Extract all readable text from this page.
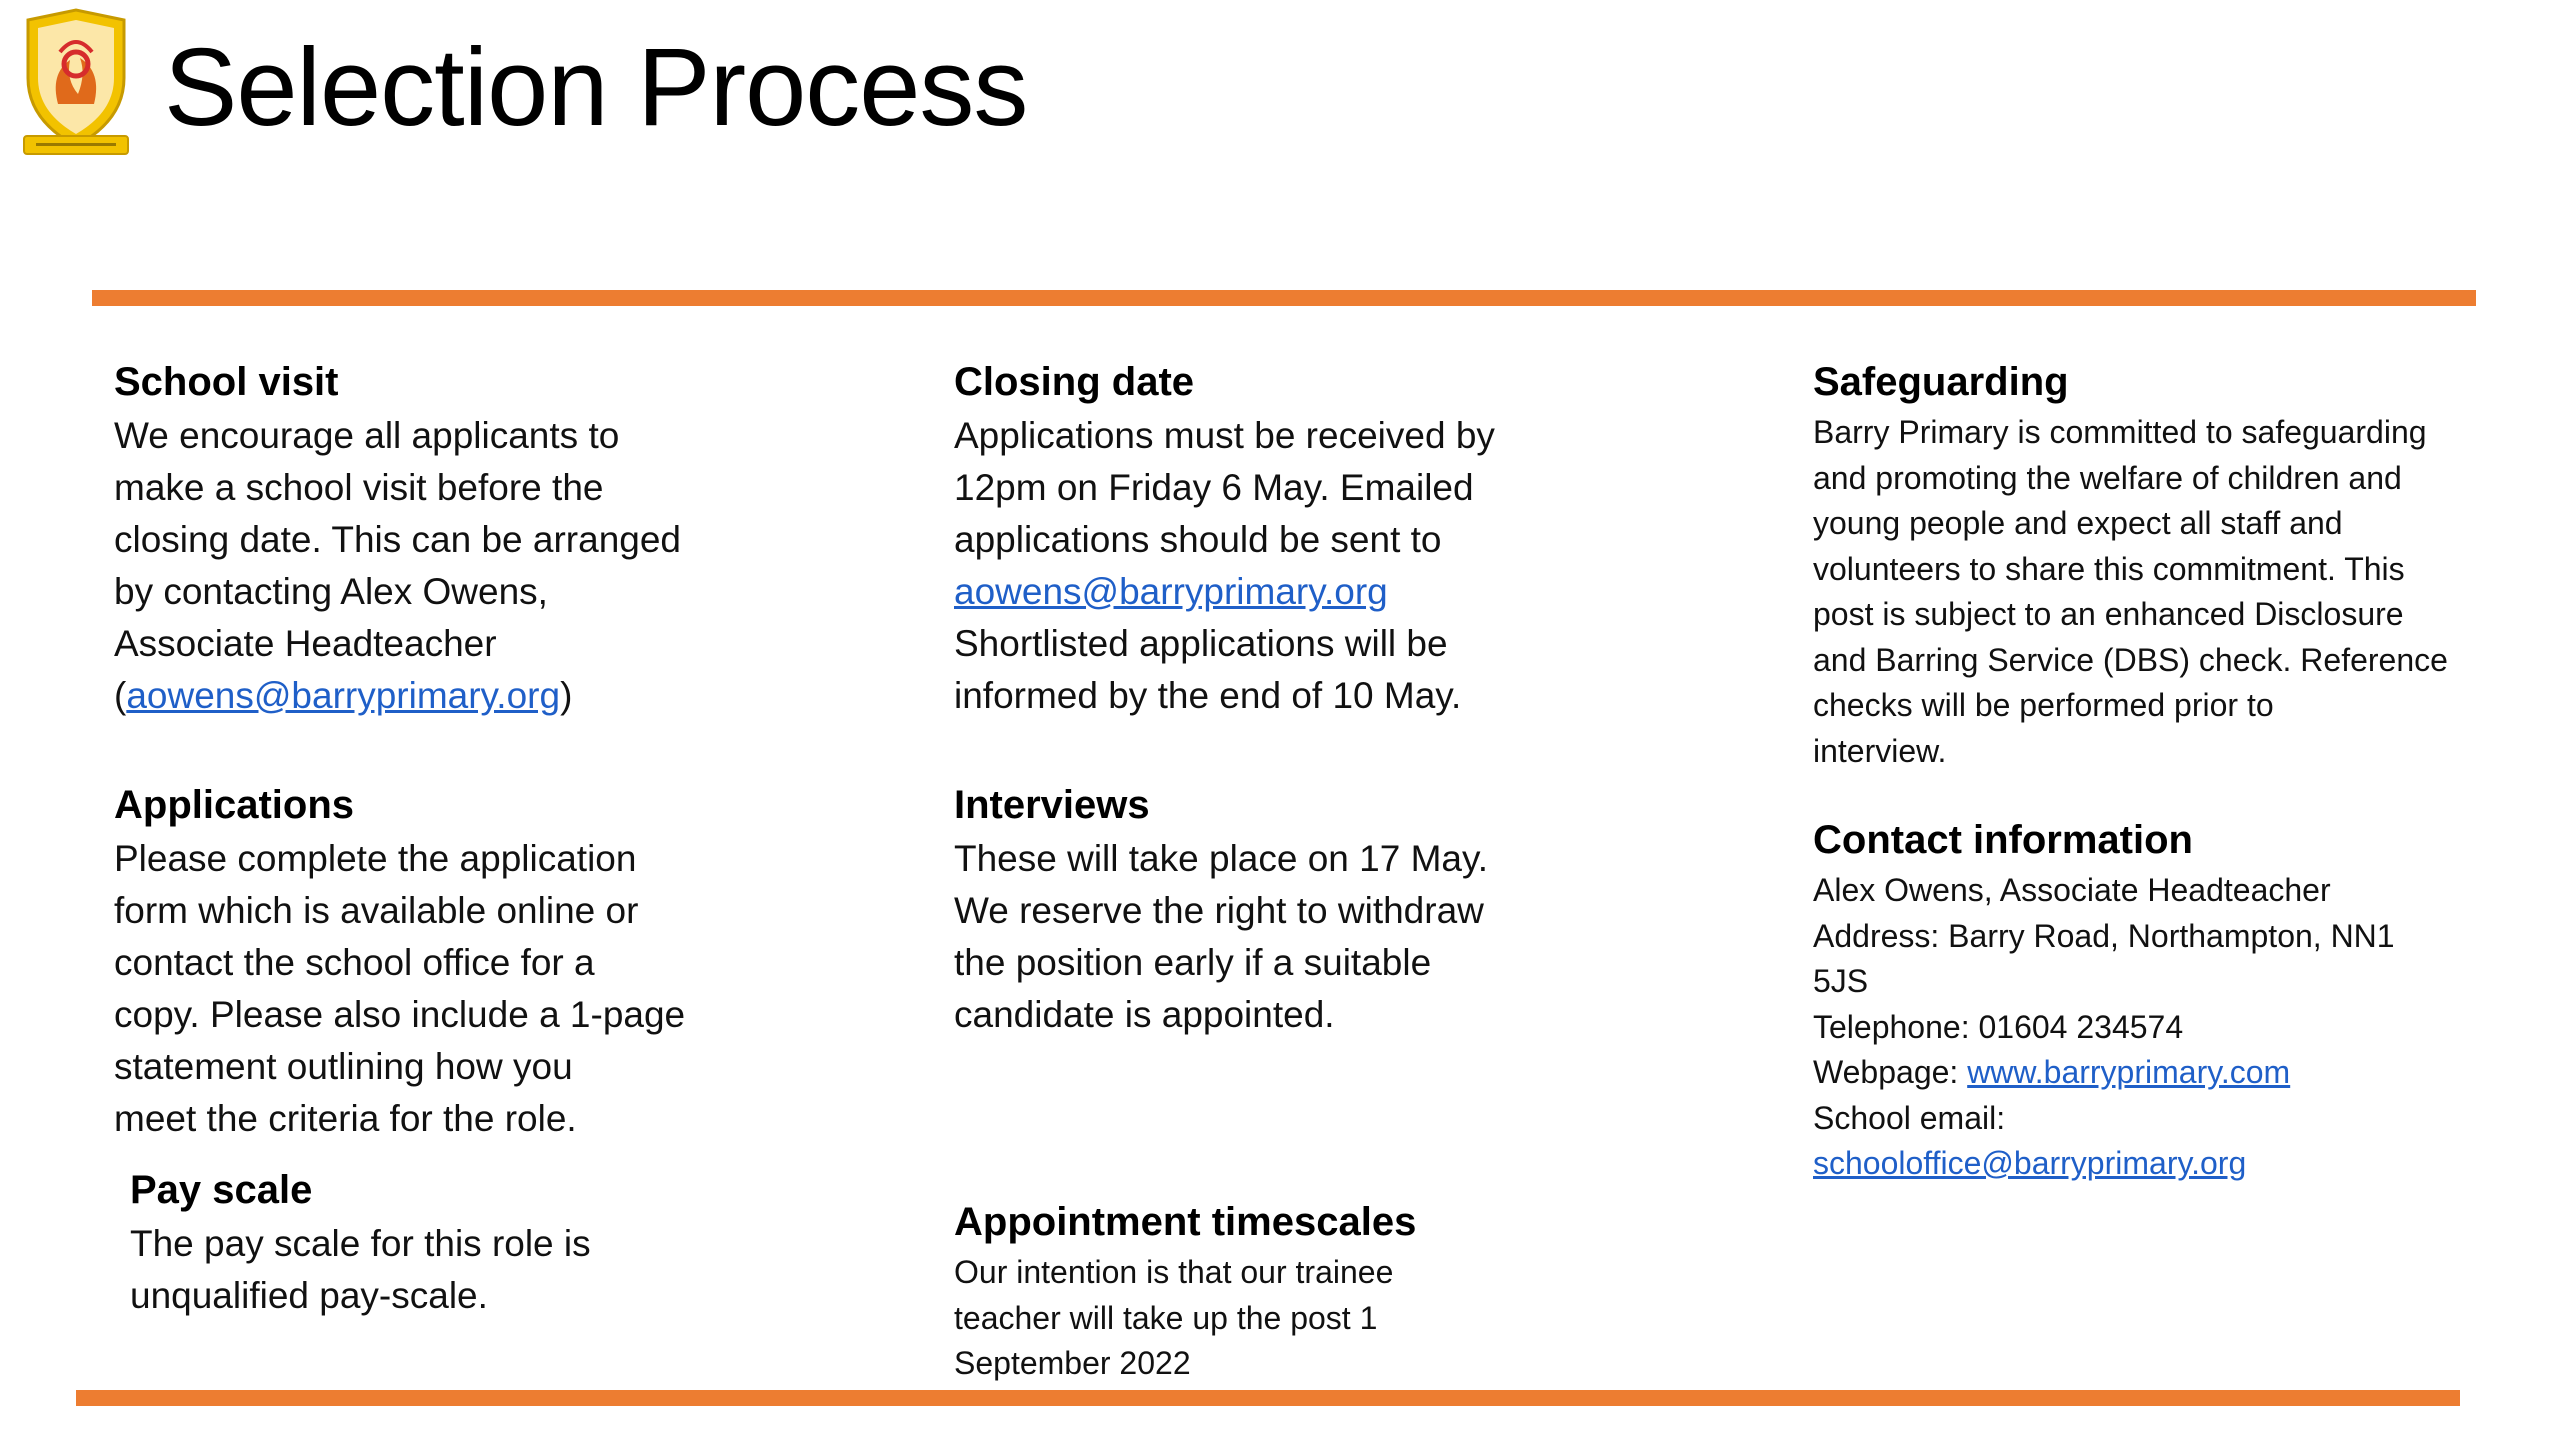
Selection Process
School visit
We encourage all applicants to
make a school visit before the
closing date. This can be arranged
by contacting Alex Owens,
Associate Headteacher
(aowens@barryprimary.org)
Applications
Please complete the application
form which is available online or
contact the school office for a
copy. Please also include a 1-page
statement outlining how you
meet the criteria for the role.
Pay scale
The pay scale for this role is
unqualified pay-scale.
Closing date
Applications must be received by
12pm on Friday 6 May. Emailed
applications should be sent to
aowens@barryprimary.org
Shortlisted applications will be
informed by the end of 10 May.
Interviews
These will take place on 17 May.
We reserve the right to withdraw
the position early if a suitable
candidate is appointed.
Appointment timescales
Our intention is that our trainee
teacher will take up the post 1
September 2022
Safeguarding
Barry Primary is committed to safeguarding
and promoting the welfare of children and
young people and expect all staff and
volunteers to share this commitment. This
post is subject to an enhanced Disclosure
and Barring Service (DBS) check. Reference
checks will be performed prior to
interview.
Contact information
Alex Owens, Associate Headteacher
Address: Barry Road, Northampton, NN1
5JS
Telephone: 01604 234574
Webpage: www.barryprimary.com
School email:
schooloffice@barryprimary.org
